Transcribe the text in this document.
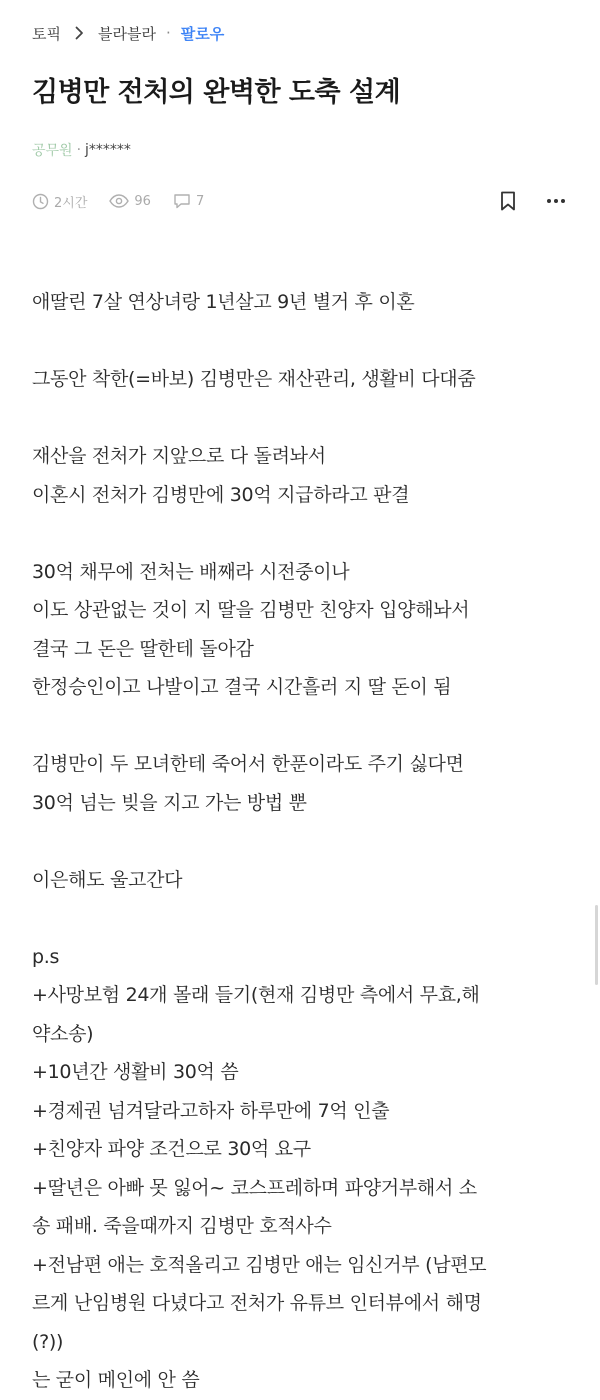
토픽 블라블라 · 팔로우
김병만 전처의 완벽한 도축 설계
공무원 · j******
2시간	96	7
애딸린 7살 연상녀랑 1년살고 9년 별거 후 이혼
그동안 착한(=바보) 김병만은 재산관리, 생활비 다대줌
재산을 전처가 지앞으로 다 돌려놔서
이혼시 전처가 김병만에 30억 지급하라고 판결
30억 채무에 전처는 배째라 시전중이나
이도 상관없는 것이 지 딸을 김병만 친양자 입양해놔서
결국 그 돈은 딸한테 돌아감
한정승인이고 나발이고 결국 시간흘러 지 딸 돈이 됨
김병만이 두 모녀한테 죽어서 한푼이라도 주기 싫다면
30억 넘는 빚을 지고 가는 방법 뿐
이은해도 울고간다
p.s
+사망보험 24개 몰래 들기(현재 김병만 측에서 무효,해
약소송)
+10년간 생활비 30억 씀
+경제권 넘겨달라고하자 하루만에 7억 인출
+친양자 파양 조건으로 30억 요구
+딸년은 아빠 못 잃어~ 코스프레하며 파양거부해서 소
송 패배. 죽을때까지 김병만 호적사수
+전남편 애는 호적올리고 김병만 애는 임신거부 (남편모
르게 난임병원 다녔다고 전처가 유튜브 인터뷰에서 해명
(?))
는 굳이 메인에 안 씀
